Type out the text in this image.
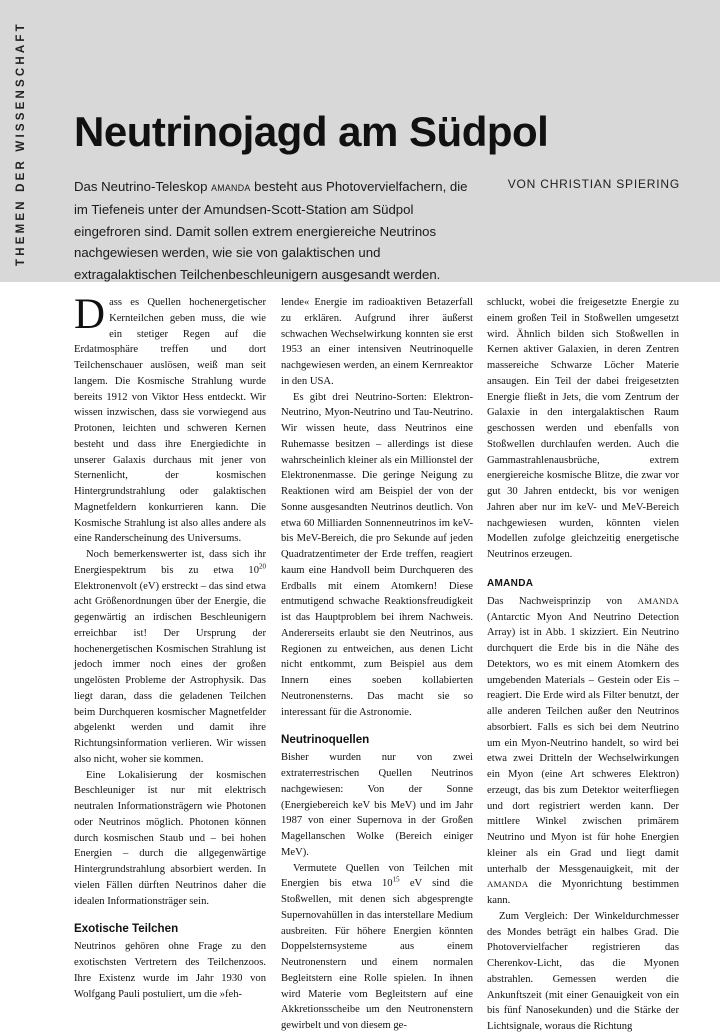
THEMEN DER WISSENSCHAFT Neutrinojagd am Südpol

Das Neutrino-Teleskop AMANDA besteht aus Photovervielfachern, die im Tiefeneis unter der Amundsen-Scott-Station am Südpol eingefroren sind. Damit sollen extrem energiereiche Neutrinos nachgewiesen werden, wie sie von galaktischen und extragalaktischen Teilchenbeschleunigern ausgesandt werden.

VON CHRISTIAN SPIERING

Dass es Quellen hochenergetischer Kernteilchen geben muss, die wie ein stetiger Regen auf die Erdatmosphäre treffen und dort Teilchenschauer auslösen, weiß man seit langem. Die Kosmische Strahlung wurde bereits 1912 von Viktor Hess entdeckt. Wir wissen inzwischen, dass sie vorwiegend aus Protonen, leichten und schweren Kernen besteht und dass ihre Energiedichte in unserer Galaxis durchaus mit jener von Sternenlicht, der kosmischen Hintergrundstrahlung oder galaktischen Magnetfeldern konkurrieren kann. Die Kosmische Strahlung ist also alles andere als eine Randerscheinung des Universums.

Noch bemerkenswerter ist, dass sich ihr Energiespektrum bis zu etwa $10^{20}$ Elektronenvolt (eV) erstreckt – das sind etwa acht Größenordnungen über der Energie, die gegenwärtig an irdischen Beschleunigern erreichbar ist! Der Ursprung der hochenergetischen Kosmischen Strahlung ist jedoch immer noch eines der großen ungelösten Probleme der Astrophysik. Das liegt daran, dass die geladenen Teilchen beim Durchqueren kosmischer Magnetfelder abgelenkt werden und damit ihre Richtungsinformation verlieren. Wir wissen also nicht, woher sie kommen.

Eine Lokalisierung der kosmischen Beschleuniger ist nur mit elektrisch neutralen Informationsträgern wie Photonen oder Neutrinos möglich. Photonen können durch kosmischen Staub und – bei hohen Energien – durch die allgegenwärtige Hintergrundstrahlung absorbiert werden. In vielen Fällen dürften Neutrinos daher die idealen Informationsträger sein.

Exotische Teilchen

Neutrinos gehören ohne Frage zu den exotischsten Vertretern des Teilchenzoos. Ihre Existenz wurde im Jahr 1930 von Wolfgang Pauli postuliert, um die »feh-

lende« Energie im radioaktiven Betazerfall zu erklären. Aufgrund ihrer äußerst schwachen Wechselwirkung konnten sie erst 1953 an einer intensiven Neutrinoquelle nachgewiesen werden, an einem Kernreaktor in den USA.

Es gibt drei Neutrino-Sorten: Elektron-Neutrino, Myon-Neutrino und Tau-Neutrino. Wir wissen heute, dass Neutrinos eine Ruhemasse besitzen – allerdings ist diese wahrscheinlich kleiner als ein Millionstel der Elektronenmasse. Die geringe Neigung zu Reaktionen wird am Beispiel der von der Sonne ausgesandten Neutrinos deutlich. Von etwa 60 Milliarden Sonnenneutrinos im keV- bis MeV-Bereich, die pro Sekunde auf jeden Quadratzentimeter der Erde treffen, reagiert kaum eine Handvoll beim Durchqueren des Erdballs mit einem Atomkern! Diese entmutigend schwache Reaktionsfreudigkeit ist das Hauptproblem bei ihrem Nachweis. Andererseits erlaubt sie den Neutrinos, aus Regionen zu entweichen, aus denen Licht nicht entkommt, zum Beispiel aus dem Innern eines soeben kollabierten Neutronensterns. Das macht sie so interessant für die Astronomie.

Neutrinoquellen

Bisher wurden nur von zwei extraterrestrischen Quellen Neutrinos nachgewiesen: Von der Sonne (Energiebereich keV bis MeV) und im Jahr 1987 von einer Supernova in der Großen Magellanschen Wolke (Bereich einiger MeV).

Vermutete Quellen von Teilchen mit Energien bis etwa $10^{15}$ eV sind die Stoßwellen, mit denen sich abgesprengte Supernovahüllen in das interstellare Medium ausbreiten. Für höhere Energien könnten Doppelsternsysteme aus einem Neutronenstern und einem normalen Begleitstern eine Rolle spielen. In ihnen wird Materie vom Begleitstern auf eine Akkretionsscheibe um den Neutronenstern gewirbelt und von diesem ge-

schluckt, wobei die freigesetzte Energie zu einem großen Teil in Stoßwellen umgesetzt wird. Ähnlich bilden sich Stoßwellen in Kernen aktiver Galaxien, in deren Zentren massereiche Schwarze Löcher Materie ansaugen. Ein Teil der dabei freigesetzten Energie fließt in Jets, die vom Zentrum der Galaxie in den intergalaktischen Raum geschossen werden und ebenfalls von Stoßwellen durchlaufen werden. Auch die Gammastrahlenausbrüche, extrem energiereiche kosmische Blitze, die zwar vor gut 30 Jahren entdeckt, bis vor wenigen Jahren aber nur im keV- und MeV-Bereich nachgewiesen wurden, könnten vielen Modellen zufolge gleichzeitig energetische Neutrinos erzeugen.

AMANDA

Das Nachweisprinzip von AMANDA (Antarctic Myon And Neutrino Detection Array) ist in Abb. 1 skizziert. Ein Neutrino durchquert die Erde bis in die Nähe des Detektors, wo es mit einem Atomkern des umgebenden Materials – Gestein oder Eis – reagiert. Die Erde wird als Filter benutzt, der alle anderen Teilchen außer den Neutrinos absorbiert. Falls es sich bei dem Neutrino um ein Myon-Neutrino handelt, so wird bei etwa zwei Dritteln der Wechselwirkungen ein Myon (eine Art schweres Elektron) erzeugt, das bis zum Detektor weiterfliegen und dort registriert werden kann. Der mittlere Winkel zwischen primärem Neutrino und Myon ist für hohe Energien kleiner als ein Grad und liegt damit unterhalb der Messgenauigkeit, mit der AMANDA die Myonrichtung bestimmen kann.

Zum Vergleich: Der Winkeldurchmesser des Mondes beträgt ein halbes Grad. Die Photovervielfacher registrieren das Cherenkov-Licht, das die Myonen abstrahlen. Gemessen werden die Ankunftszeit (mit einer Genauigkeit von ein bis fünf Nanosekunden) und die Stärke der Lichtsignale, woraus die Richtung
